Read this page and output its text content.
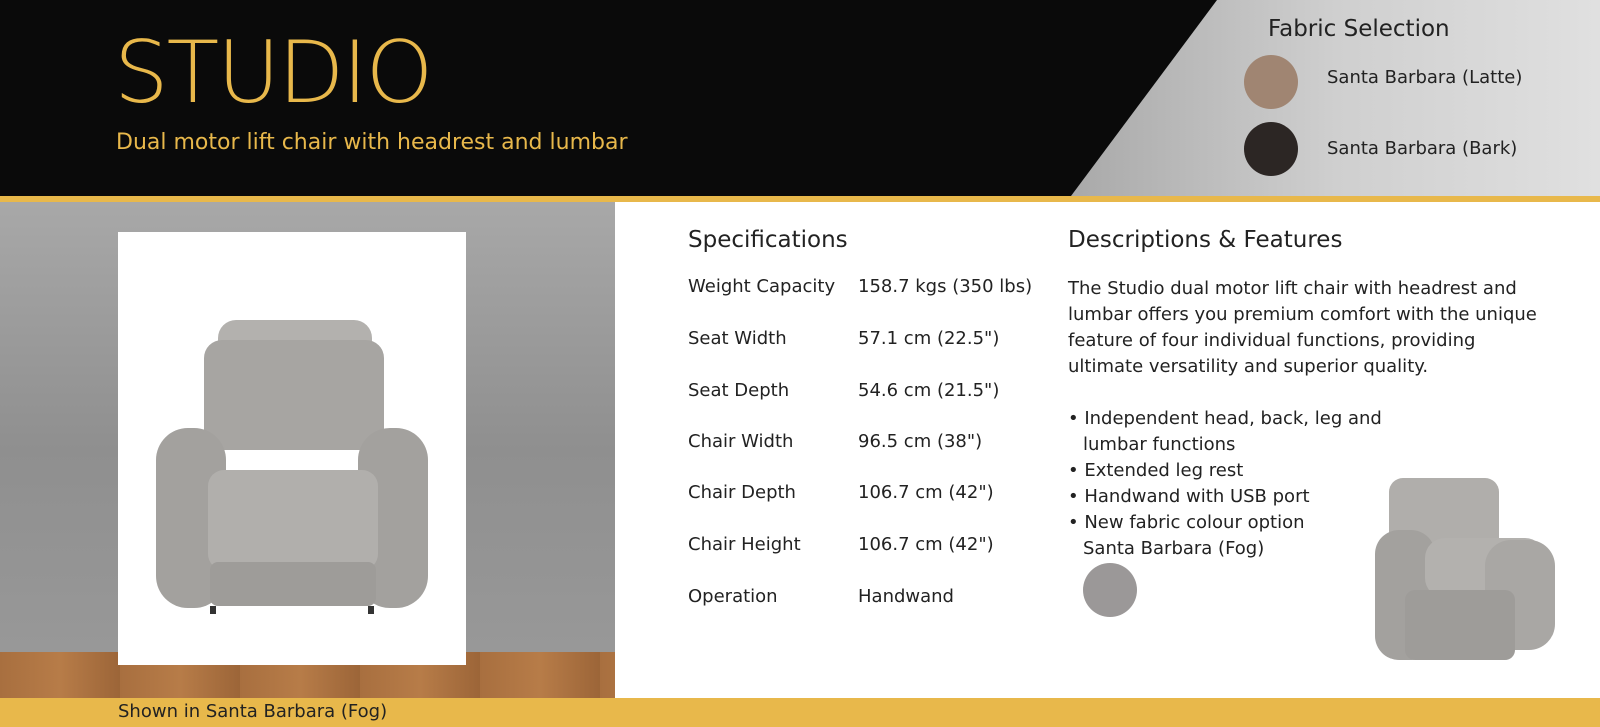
STUDIO
Dual motor lift chair with headrest and lumbar
Fabric Selection
Santa Barbara (Latte)
Santa Barbara (Bark)
Specifications
Weight Capacity 158.7 kgs (350 lbs)
Seat Width	57.1 cm (22.5")
Seat Depth	54.6 cm (21.5")
Chair Width	96.5 cm (38")
Chair Depth	106.7 cm (42")
Chair Height	106.7 cm (42")
Operation	Handwand
Descriptions & Features
The Studio dual motor lift chair with headrest and lumbar offers you premium comfort with the unique feature of four individual functions, providing ultimate versatility and superior quality.
• Independent head, back, leg and
lumbar functions
• Extended leg rest
• Handwand with USB port
• New fabric colour option
Santa Barbara (Fog)
Shown in Santa Barbara (Fog)
